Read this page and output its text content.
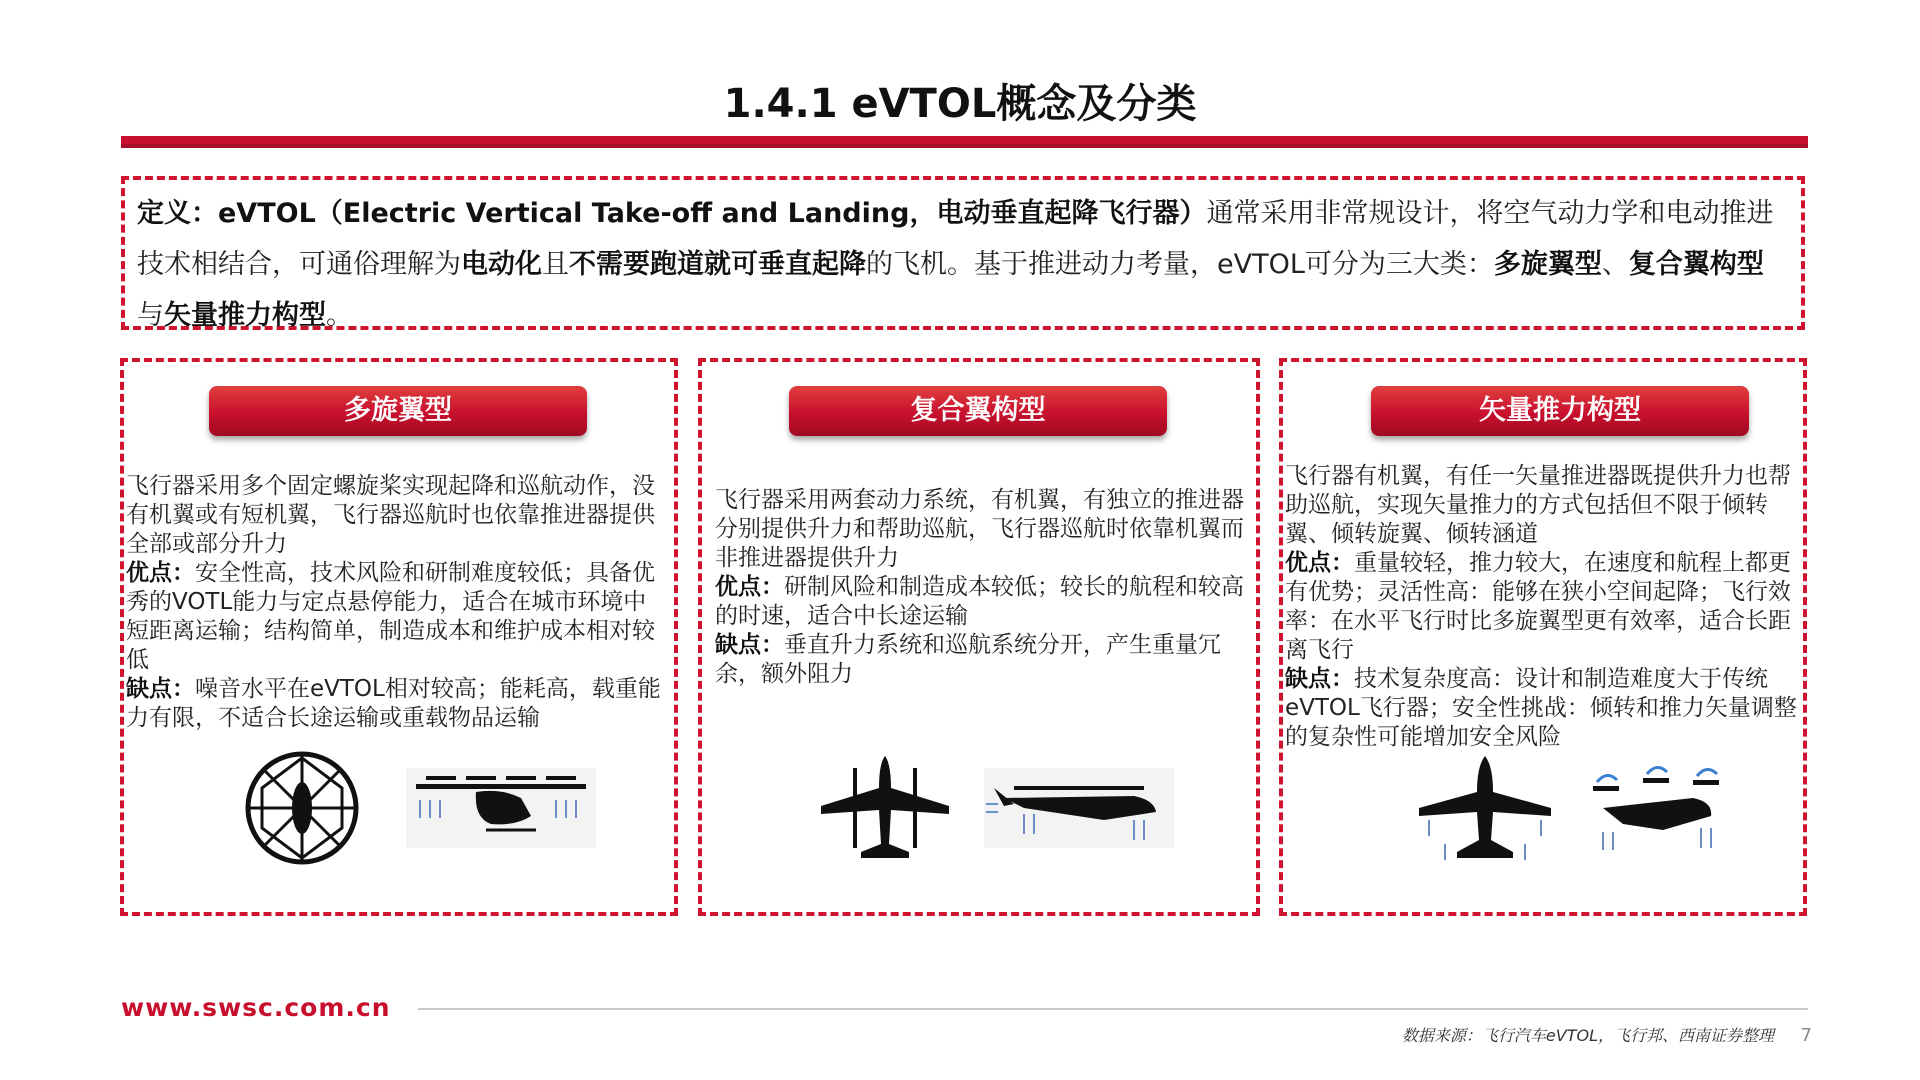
1.4.1 eVTOL概念及分类
定义：eVTOL（Electric Vertical Take-off and Landing，电动垂直起降飞行器）通常采用非常规设计，将空气动力学和电动推进技术相结合，可通俗理解为电动化且不需要跑道就可垂直起降的飞机。基于推进动力考量，eVTOL可分为三大类：多旋翼型、复合翼构型与矢量推力构型。
多旋翼型

飞行器采用多个固定螺旋桨实现起降和巡航动作，没有机翼或有短机翼，飞行器巡航时也依靠推进器提供全部或部分升力

优点：安全性高，技术风险和研制难度较低；具备优秀的VOTL能力与定点悬停能力，适合在城市环境中短距离运输；结构简单，制造成本和维护成本相对较低

缺点：噪音水平在eVTOL相对较高；能耗高，载重能力有限，不适合长途运输或重载物品运输

复合翼构型

飞行器采用两套动力系统，有机翼，有独立的推进器分别提供升力和帮助巡航，飞行器巡航时依靠机翼而非推进器提供升力

优点：研制风险和制造成本较低；较长的航程和较高的时速，适合中长途运输

缺点：垂直升力系统和巡航系统分开，产生重量冗余，额外阻力

矢量推力构型

飞行器有机翼，有任一矢量推进器既提供升力也帮助巡航，实现矢量推力的方式包括但不限于倾转翼、倾转旋翼、倾转涵道

优点：重量较轻，推力较大，在速度和航程上都更有优势；灵活性高：能够在狭小空间起降；飞行效率：在水平飞行时比多旋翼型更有效率，适合长距离飞行

缺点：技术复杂度高：设计和制造难度大于传统eVTOL飞行器；安全性挑战：倾转和推力矢量调整的复杂性可能增加安全风险

www.swsc.com.cn
数据来源：飞行汽车eVTOL，飞行邦、西南证券整理 7
